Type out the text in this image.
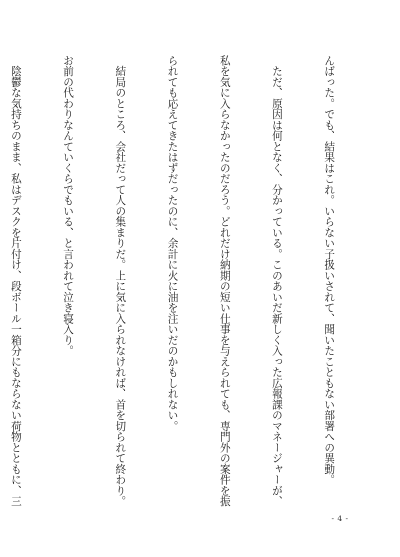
んばった。でも、結果はこれ。いらない子扱いされて、聞いたこともない部署への異動。

　ただ、原因は何となく、分かっている。このあいだ新しく入った広報課のマネージャーが、

私を気に入らなかったのだろう。どれだけ納期の短い仕事を与えられても、専門外の案件を振

られても応えてきたはずだったのに、余計に火に油を注いだのかもしれない。

　結局のところ、会社だって人の集まりだ。上に気に入られなければ、首を切られて終わり。

お前の代わりなんていくらでもいる、と言われて泣き寝入り。

　陰鬱な気持ちのまま、私はデスクを片付け、段ボール一箱分にもならない荷物とともに、三

- 4 -
